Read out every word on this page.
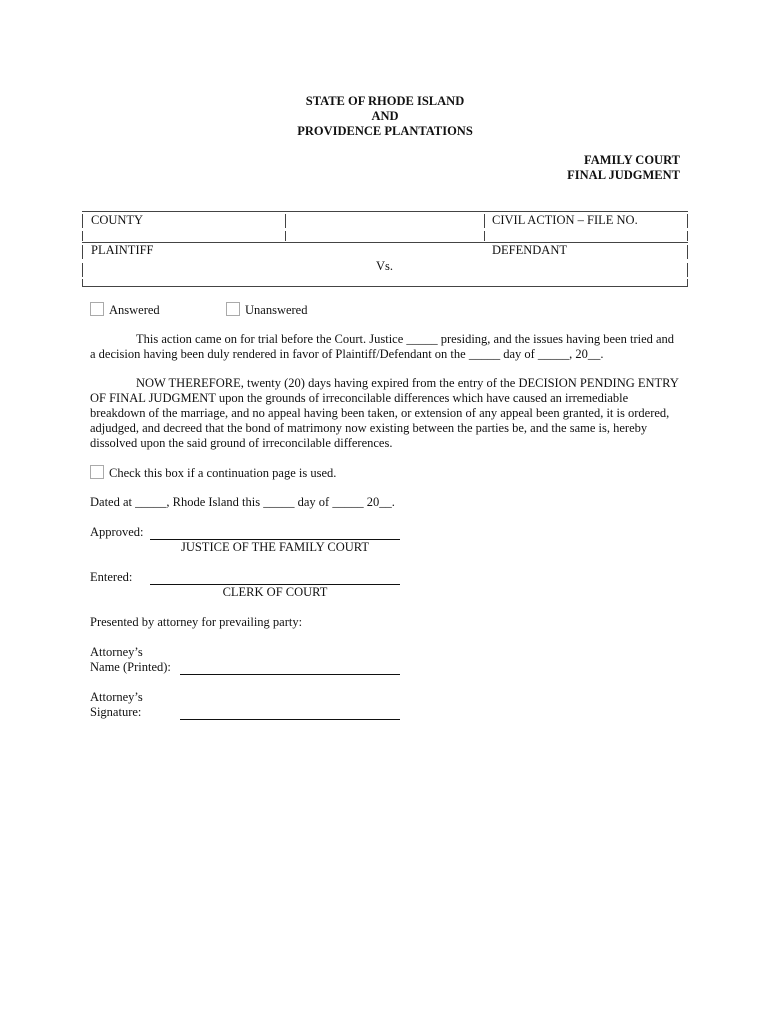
STATE OF RHODE ISLAND
AND
PROVIDENCE PLANTATIONS
FAMILY COURT
FINAL JUDGMENT
COUNTY	CIVIL ACTION – FILE NO.
PLAINTIFF	DEFENDANT
Vs.
Answered	Unanswered
This action came on for trial before the Court. Justice _____ presiding, and the issues having been tried and a decision having been duly rendered in favor of Plaintiff/Defendant on the _____ day of _____, 20__.
NOW THEREFORE, twenty (20) days having expired from the entry of the DECISION PENDING ENTRY OF FINAL JUDGMENT upon the grounds of irreconcilable differences which have caused an irremediable breakdown of the marriage, and no appeal having been taken, or extension of any appeal been granted, it is ordered, adjudged, and decreed that the bond of matrimony now existing between the parties be, and the same is, hereby dissolved upon the said ground of irreconcilable differences.
Check this box if a continuation page is used.
Dated at _____, Rhode Island this _____ day of _____ 20__.
Approved:
JUSTICE OF THE FAMILY COURT
Entered:
CLERK OF COURT
Presented by attorney for prevailing party:
Attorney’s
Name (Printed):
Attorney’s
Signature:
